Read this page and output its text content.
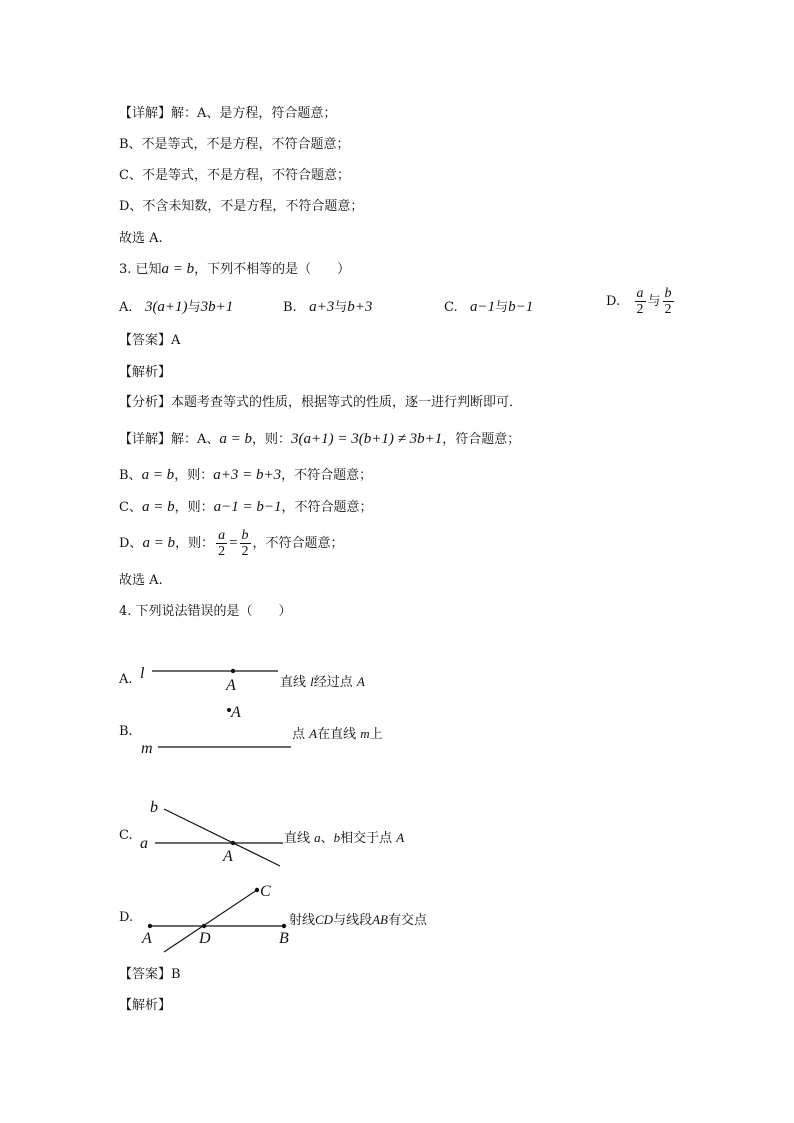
【详解】解：A、是方程，符合题意；
B、不是等式，不是方程，不符合题意；
C、不是等式，不是方程，不符合题意；
D、不含未知数，不是方程，不符合题意；
故选 A.
3. 已知a = b，下列不相等的是（　　）
A. 3(a+1)与3b+1	B. a+3与b+3	C. a−1与b−1	D. $\frac{a}{2}$ 与 $\frac{b}{2}$
【答案】A
【解析】
【分析】本题考查等式的性质，根据等式的性质，逐一进行判断即可．
【详解】解：A、a = b，则：3(a+1) = 3(b+1) ≠ 3b+1，符合题意；
B、a = b，则：a+3 = b+3，不符合题意；
C、a = b，则：a−1 = b−1，不符合题意；
D、a = b，则： $\frac{a}{2} = \frac{b}{2}$ ，不符合题意；
故选 A.
4. 下列说法错误的是（　　）
A.
B.
C.
D.
l
A
A
m
b
a
A
C
A	D	B
直线 l经过点 A
点 A在直线 m上
直线 a、b相交于点 A
射线CD与线段AB有交点
【答案】B
【解析】
